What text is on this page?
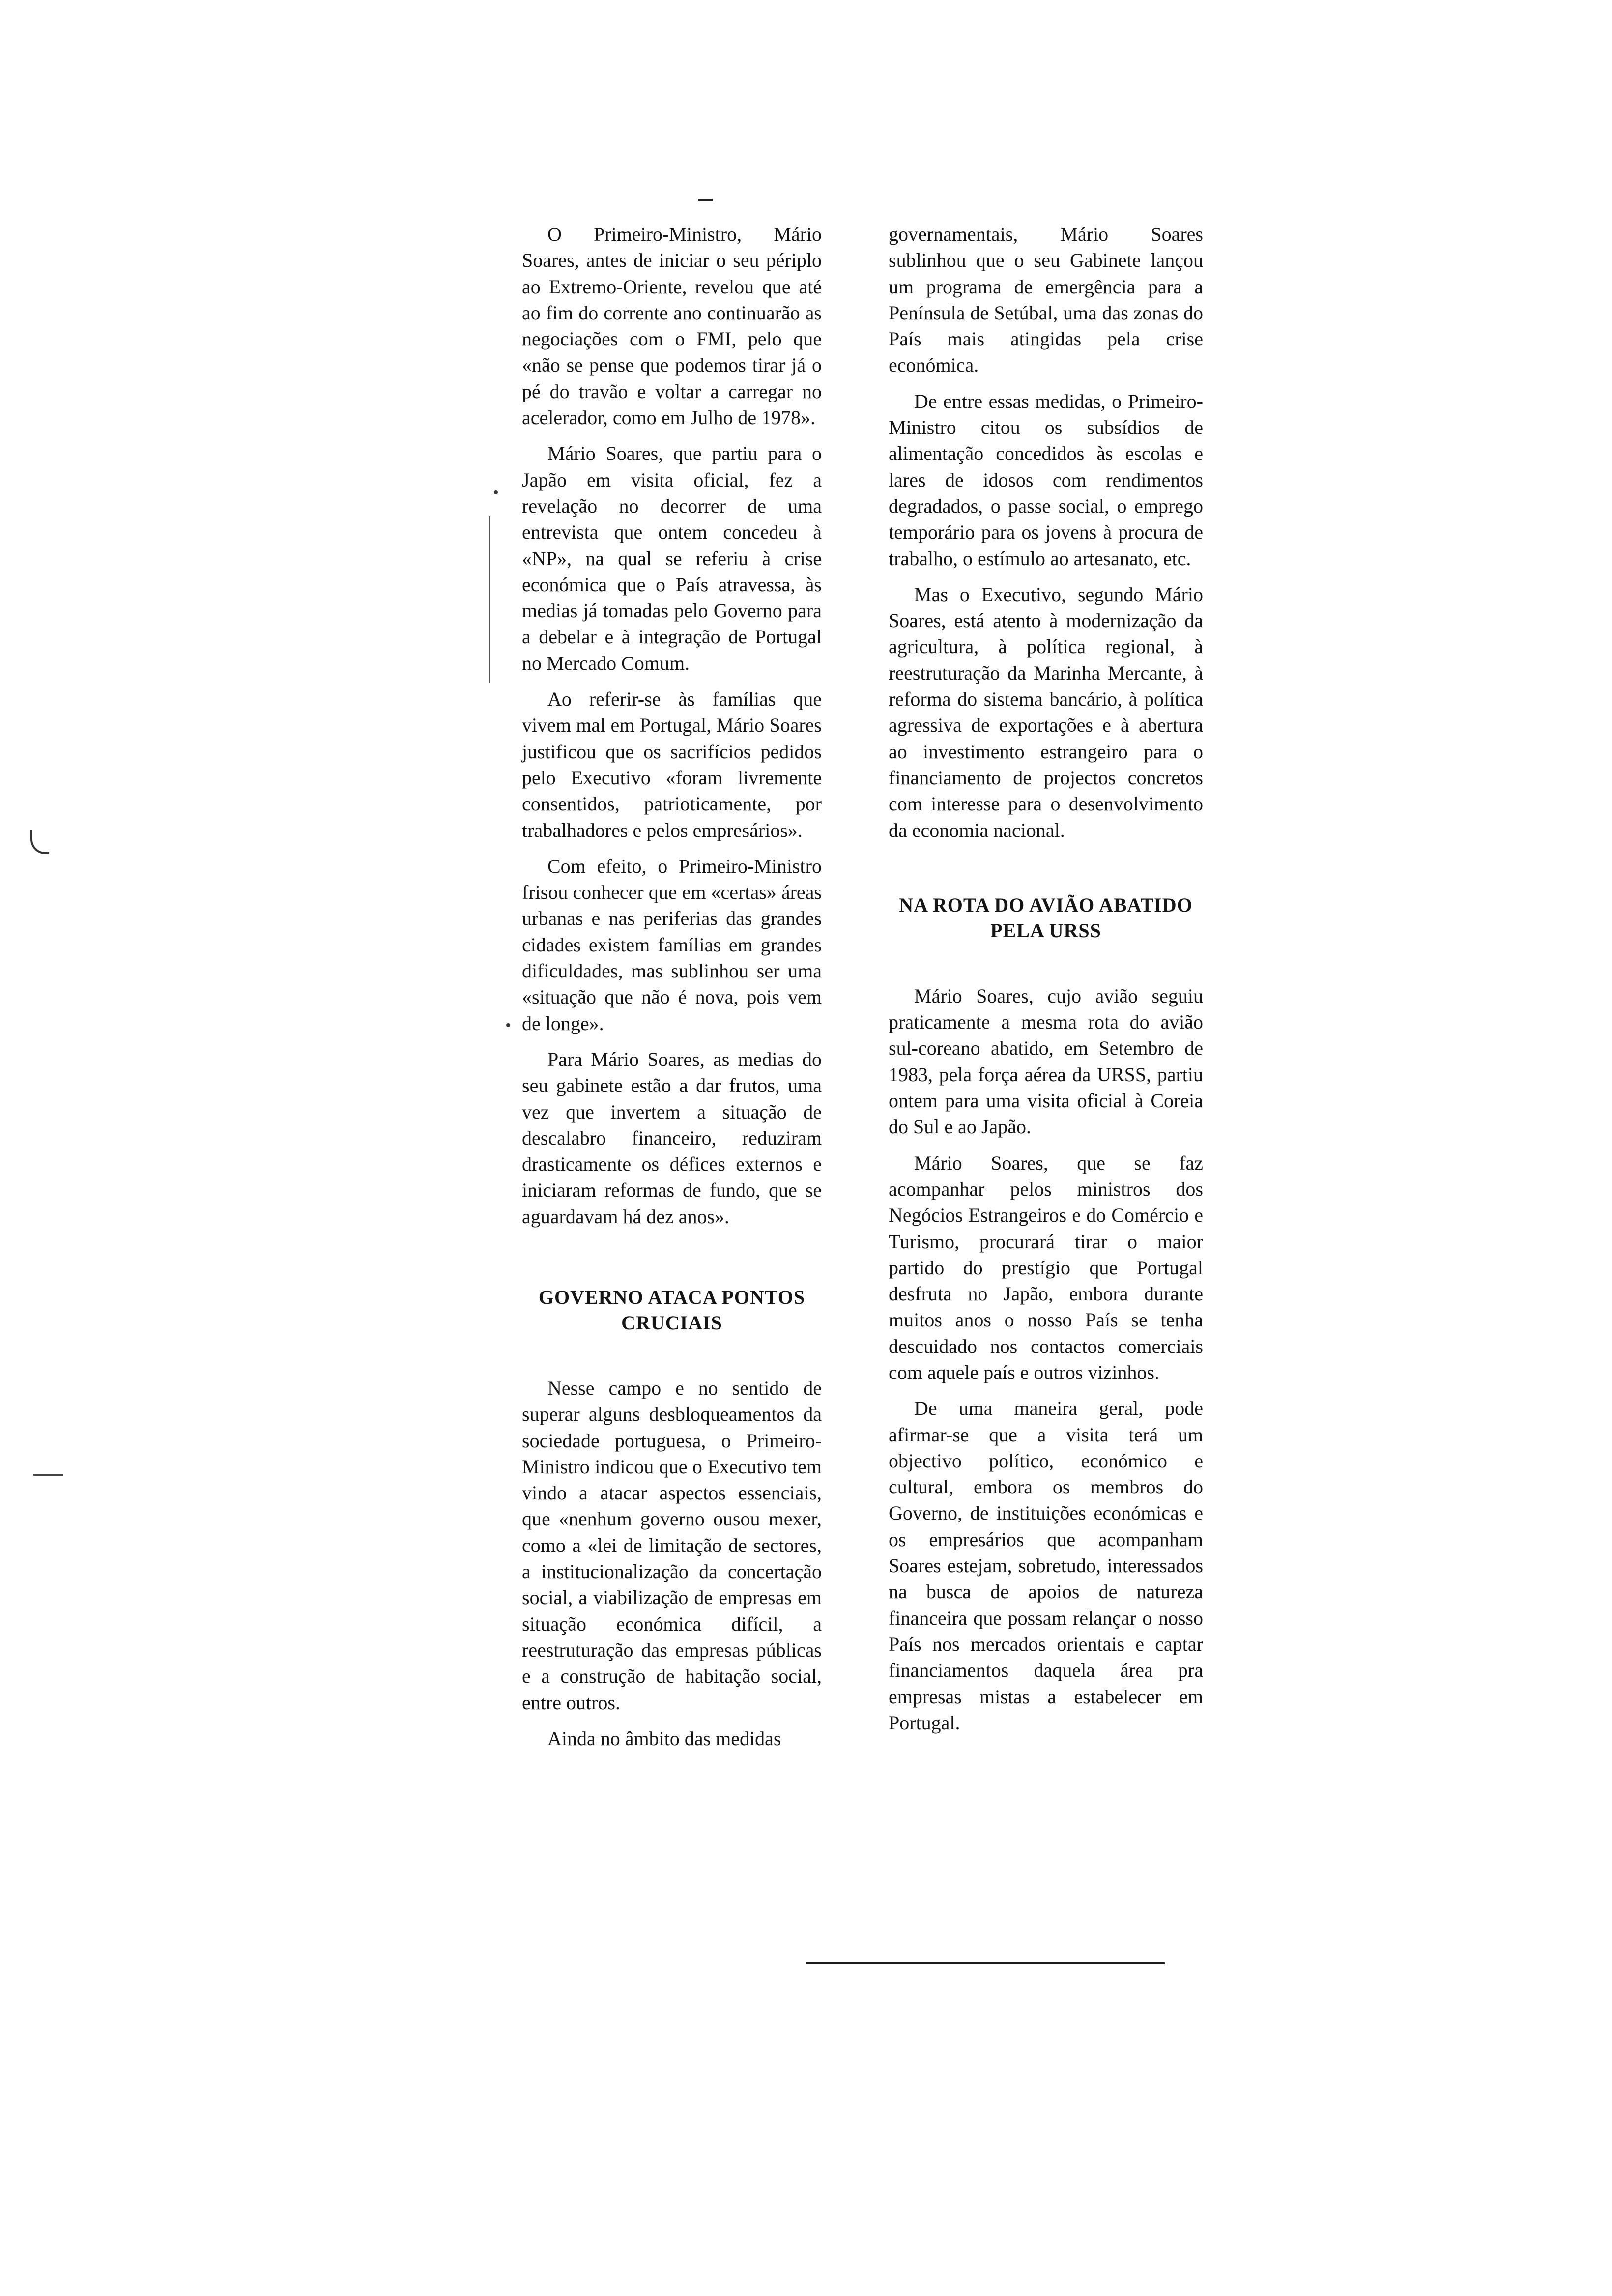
O Primeiro-Ministro, Mário Soares, antes de iniciar o seu périplo ao Extremo-Oriente, revelou que até ao fim do corrente ano continuarão as negociações com o FMI, pelo que «não se pense que podemos tirar já o pé do travão e voltar a carregar no acelerador, como em Julho de 1978».

Mário Soares, que partiu para o Japão em visita oficial, fez a revelação no decorrer de uma entrevista que ontem concedeu à «NP», na qual se referiu à crise económica que o País atravessa, às medias já tomadas pelo Governo para a debelar e à integração de Portugal no Mercado Comum.

Ao referir-se às famílias que vivem mal em Portugal, Mário Soares justificou que os sacrifícios pedidos pelo Executivo «foram livremente consentidos, patrioticamente, por trabalhadores e pelos empresários».

Com efeito, o Primeiro-Ministro frisou conhecer que em «certas» áreas urbanas e nas periferias das grandes cidades existem famílias em grandes dificuldades, mas sublinhou ser uma «situação que não é nova, pois vem de longe».

Para Mário Soares, as medias do seu gabinete estão a dar frutos, uma vez que invertem a situação de descalabro financeiro, reduziram drasticamente os défices externos e iniciaram reformas de fundo, que se aguardavam há dez anos».

GOVERNO ATACA PONTOS CRUCIAIS

Nesse campo e no sentido de superar alguns desbloqueamentos da sociedade portuguesa, o Primeiro-Ministro indicou que o Executivo tem vindo a atacar aspectos essenciais, que «nenhum governo ousou mexer, como a «lei de limitação de sectores, a institucionalização da concertação social, a viabilização de empresas em situação económica difícil, a reestruturação das empresas públicas e a construção de habitação social, entre outros.

Ainda no âmbito das medidas

governamentais, Mário Soares sublinhou que o seu Gabinete lançou um programa de emergência para a Península de Setúbal, uma das zonas do País mais atingidas pela crise económica.

De entre essas medidas, o Primeiro-Ministro citou os subsídios de alimentação concedidos às escolas e lares de idosos com rendimentos degradados, o passe social, o emprego temporário para os jovens à procura de trabalho, o estímulo ao artesanato, etc.

Mas o Executivo, segundo Mário Soares, está atento à modernização da agricultura, à política regional, à reestruturação da Marinha Mercante, à reforma do sistema bancário, à política agressiva de exportações e à abertura ao investimento estrangeiro para o financiamento de projectos concretos com interesse para o desenvolvimento da economia nacional.

NA ROTA DO AVIÃO ABATIDO PELA URSS

Mário Soares, cujo avião seguiu praticamente a mesma rota do avião sul-coreano abatido, em Setembro de 1983, pela força aérea da URSS, partiu ontem para uma visita oficial à Coreia do Sul e ao Japão.

Mário Soares, que se faz acompanhar pelos ministros dos Negócios Estrangeiros e do Comércio e Turismo, procurará tirar o maior partido do prestígio que Portugal desfruta no Japão, embora durante muitos anos o nosso País se tenha descuidado nos contactos comerciais com aquele país e outros vizinhos.

De uma maneira geral, pode afirmar-se que a visita terá um objectivo político, económico e cultural, embora os membros do Governo, de instituições económicas e os empresários que acompanham Soares estejam, sobretudo, interessados na busca de apoios de natureza financeira que possam relançar o nosso País nos mercados orientais e captar financiamentos daquela área pra empresas mistas a estabelecer em Portugal.
